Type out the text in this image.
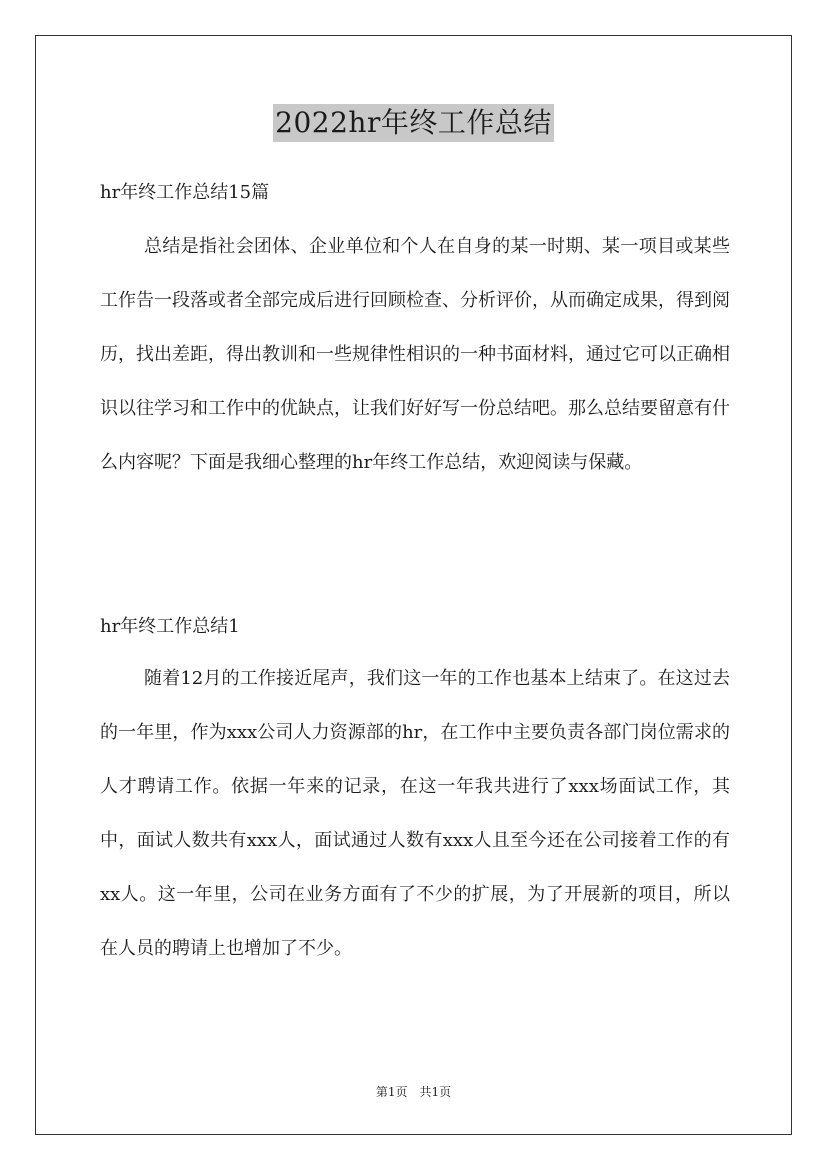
2022hr年终工作总结
hr年终工作总结15篇

总结是指社会团体、企业单位和个人在自身的某一时期、某一项目或某些工作告一段落或者全部完成后进行回顾检查、分析评价，从而确定成果，得到阅历，找出差距，得出教训和一些规律性相识的一种书面材料，通过它可以正确相识以往学习和工作中的优缺点，让我们好好写一份总结吧。那么总结要留意有什么内容呢？下面是我细心整理的hr年终工作总结，欢迎阅读与保藏。

hr年终工作总结1

随着12月的工作接近尾声，我们这一年的工作也基本上结束了。在这过去的一年里，作为xxx公司人力资源部的hr，在工作中主要负责各部门岗位需求的人才聘请工作。依据一年来的记录，在这一年我共进行了xxx场面试工作，其中，面试人数共有xxx人，面试通过人数有xxx人且至今还在公司接着工作的有xx人。这一年里，公司在业务方面有了不少的扩展，为了开展新的项目，所以在人员的聘请上也增加了不少。

第1页　共1页
